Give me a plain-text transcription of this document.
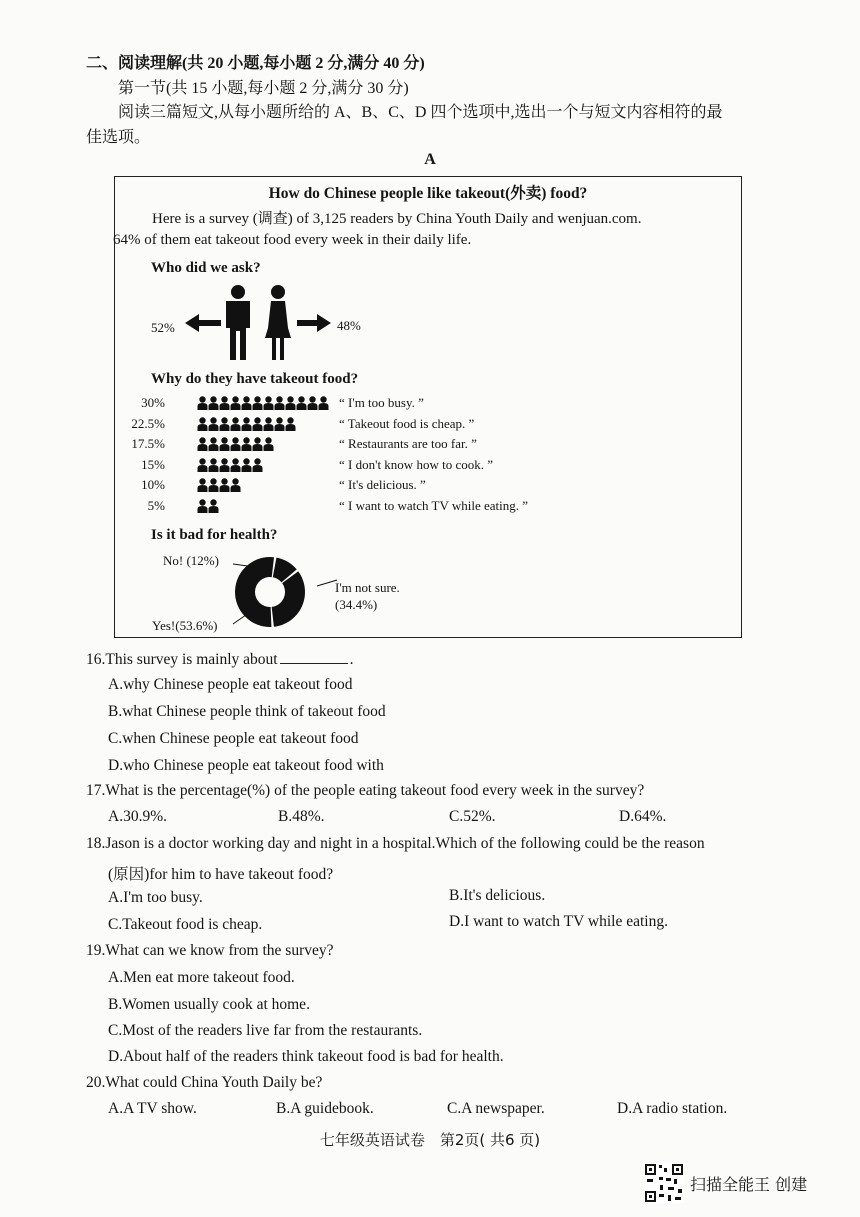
二、阅读理解(共 20 小题,每小题 2 分,满分 40 分)
第一节(共 15 小题,每小题 2 分,满分 30 分)
阅读三篇短文,从每小题所给的 A、B、C、D 四个选项中,选出一个与短文内容相符的最
佳选项。
A
How do Chinese people like takeout(外卖) food?
Here is a survey (调查) of 3,125 readers by China Youth Daily and wenjuan.com.
64% of them eat takeout food every week in their daily life.
Who did we ask?
52%	48%
Why do they have takeout food?
30%	“ I'm too busy. ”
22.5%	“ Takeout food is cheap. ”
17.5%	“ Restaurants are too far. ”
15%	“ I don't know how to cook. ”
10%	“ It's delicious. ”
5%	“ I want to watch TV while eating. ”
Is it bad for health?
No! (12%)
I'm not sure.
(34.4%)
Yes!(53.6%)
16.This survey is mainly about	.
A.why Chinese people eat takeout food
B.what Chinese people think of takeout food
C.when Chinese people eat takeout food
D.who Chinese people eat takeout food with
17.What is the percentage(%) of the people eating takeout food every week in the survey?
A.30.9%.	B.48%.	C.52%.	D.64%.
18.Jason is a doctor working day and night in a hospital.Which of the following could be the reason
(原因)for him to have takeout food?
A.I'm too busy.	B.It's delicious.
C.Takeout food is cheap.	D.I want to watch TV while eating.
19.What can we know from the survey?
A.Men eat more takeout food.
B.Women usually cook at home.
C.Most of the readers live far from the restaurants.
D.About half of the readers think takeout food is bad for health.
20.What could China Youth Daily be?
A.A TV show.	B.A guidebook.	C.A newspaper.	D.A radio station.
七年级英语试卷　第2页( 共6 页)
扫描全能王 创建
